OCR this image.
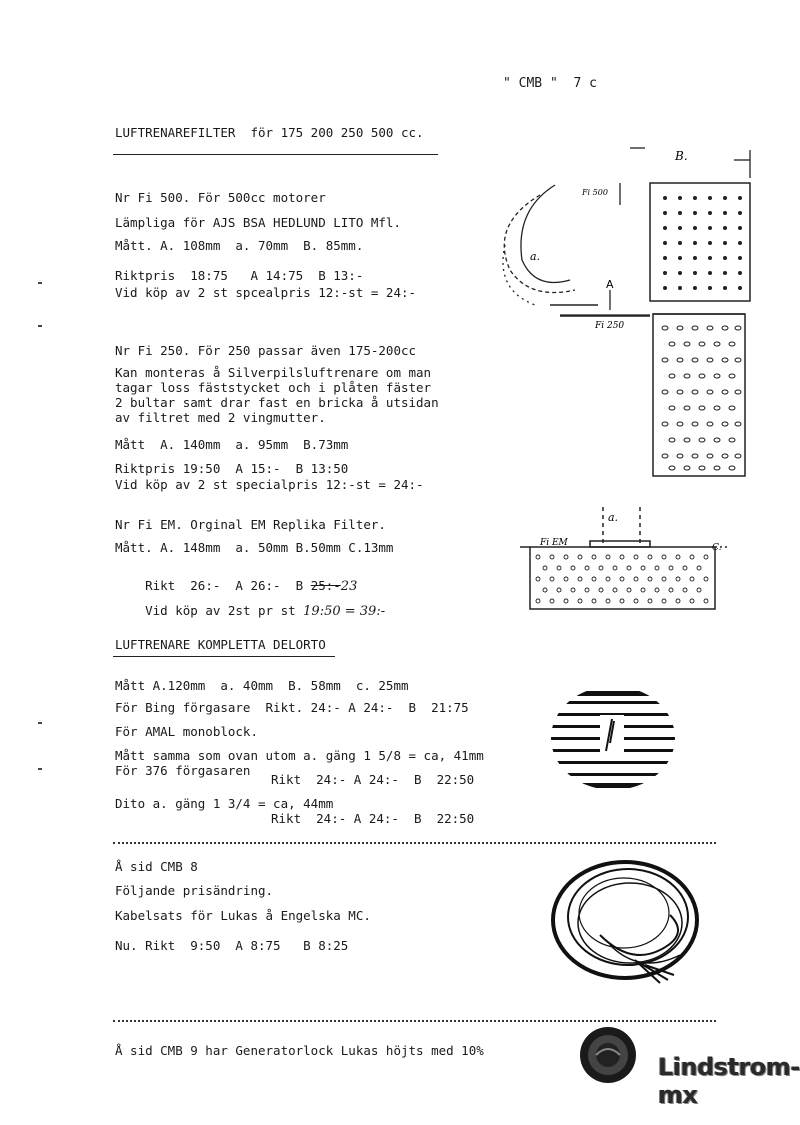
" CMB "  7 c
LUFTRENAREFILTER  för 175 200 250 500 cc.
Nr Fi 500. För 500cc motorer
Lämpliga för AJS BSA HEDLUND LITO Mfl.
Mått. A. 108mm  a. 70mm  B. 85mm.
Riktpris  18:75   A 14:75  B 13:-
Vid köp av 2 st spcealpris 12:-st = 24:-
Nr Fi 250. För 250 passar även 175-200cc
Kan monteras å Silverpilsluftrenare om man
tagar loss fäststycket och i plåten fäster
2 bultar samt drar fast en bricka å utsidan
av filtret med 2 vingmutter.
Mått  A. 140mm  a. 95mm  B.73mm
Riktpris 19:50  A 15:-  B 13:50
Vid köp av 2 st specialpris 12:-st = 24:-
Nr Fi EM. Orginal EM Replika Filter.
Mått. A. 148mm  a. 50mm B.50mm C.13mm

Rikt  26:-  A 26:-  B 25:-23

Vid köp av 2st pr st 19:50 = 39:-

LUFTRENARE KOMPLETTA DELORTO
Mått A.120mm  a. 40mm  B. 58mm  c. 25mm
För Bing förgasare  Rikt. 24:- A 24:-  B  21:75
För AMAL monoblock.
Mått samma som ovan utom a. gäng 1 5/8 = ca, 41mm
För 376 förgasaren
Rikt  24:- A 24:-  B  22:50
Dito a. gäng 1 3/4 = ca, 44mm
Rikt  24:- A 24:-  B  22:50
Å sid CMB 8
Följande prisändring.
Kabelsats för Lukas å Engelska MC.
Nu. Rikt  9:50  A 8:75   B 8:25
Å sid CMB 9 har Generatorlock Lukas höjts med 10%
B.
Fi 500
a.
A
Fi 250
a.
Fi EM	C.
Lindstrom-mx
